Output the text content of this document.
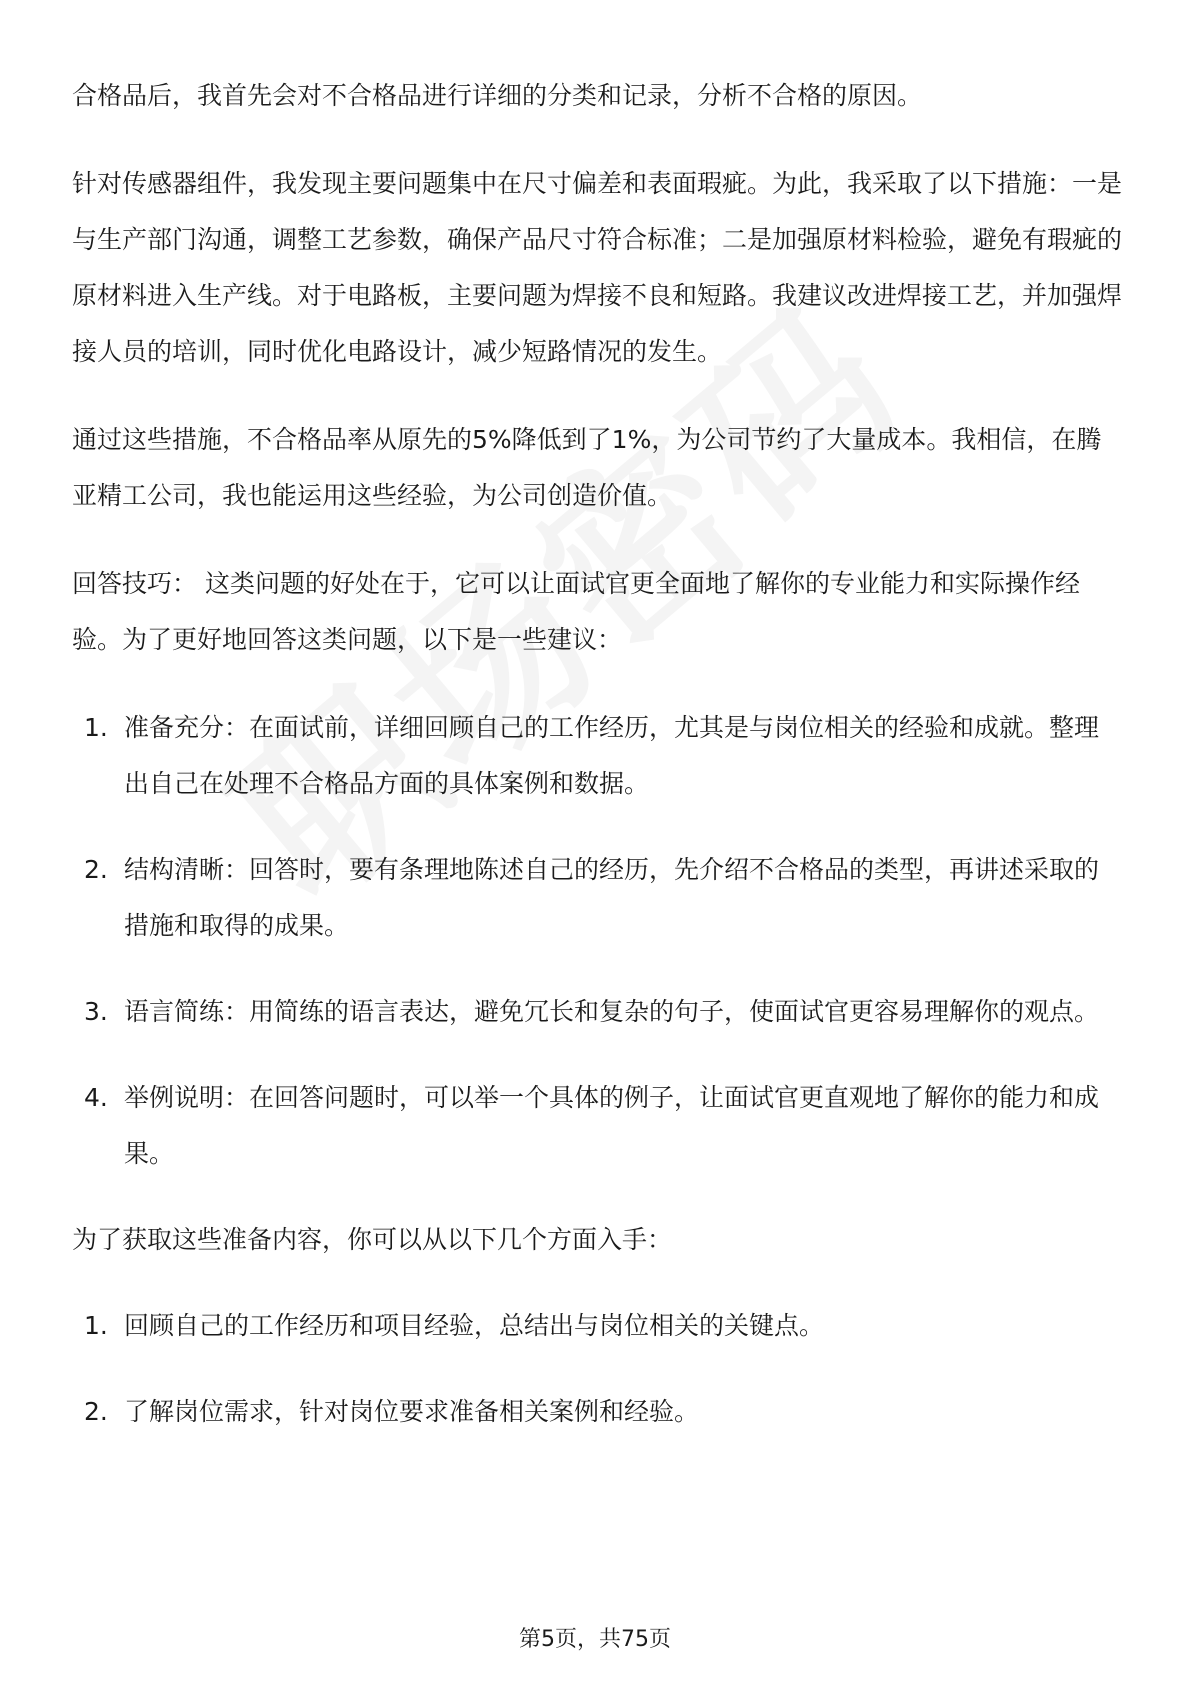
合格品后，我首先会对不合格品进行详细的分类和记录，分析不合格的原因。

针对传感器组件，我发现主要问题集中在尺寸偏差和表面瑕疵。为此，我采取了以下措施：一是与生产部门沟通，调整工艺参数，确保产品尺寸符合标准；二是加强原材料检验，避免有瑕疵的原材料进入生产线。对于电路板，主要问题为焊接不良和短路。我建议改进焊接工艺，并加强焊接人员的培训，同时优化电路设计，减少短路情况的发生。

通过这些措施，不合格品率从原先的5%降低到了1%，为公司节约了大量成本。我相信，在腾亚精工公司，我也能运用这些经验，为公司创造价值。

回答技巧： 这类问题的好处在于，它可以让面试官更全面地了解你的专业能力和实际操作经验。为了更好地回答这类问题，以下是一些建议：

1. 准备充分：在面试前，详细回顾自己的工作经历，尤其是与岗位相关的经验和成就。整理出自己在处理不合格品方面的具体案例和数据。
2. 结构清晰：回答时，要有条理地陈述自己的经历，先介绍不合格品的类型，再讲述采取的措施和取得的成果。
3. 语言简练：用简练的语言表达，避免冗长和复杂的句子，使面试官更容易理解你的观点。
4. 举例说明：在回答问题时，可以举一个具体的例子，让面试官更直观地了解你的能力和成果。

为了获取这些准备内容，你可以从以下几个方面入手：

1. 回顾自己的工作经历和项目经验，总结出与岗位相关的关键点。
2. 了解岗位需求，针对岗位要求准备相关案例和经验。
第5页，共75页
